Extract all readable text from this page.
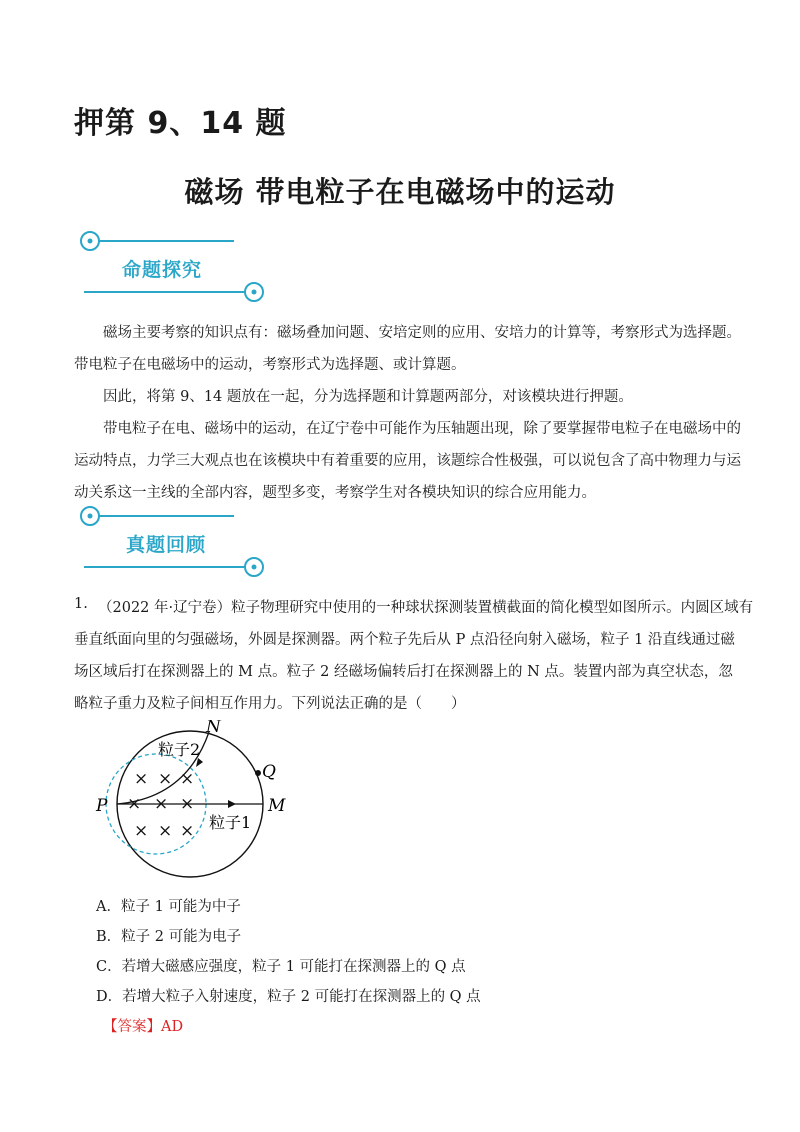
押第 9、14 题
磁场 带电粒子在电磁场中的运动
命题探究
磁场主要考察的知识点有：磁场叠加问题、安培定则的应用、安培力的计算等，考察形式为选择题。
带电粒子在电磁场中的运动，考察形式为选择题、或计算题。
因此，将第 9、14 题放在一起，分为选择题和计算题两部分，对该模块进行押题。
带电粒子在电、磁场中的运动，在辽宁卷中可能作为压轴题出现，除了要掌握带电粒子在电磁场中的
运动特点，力学三大观点也在该模块中有着重要的应用，该题综合性极强，可以说包含了高中物理力与运
动关系这一主线的全部内容，题型多变，考察学生对各模块知识的综合应用能力。
真题回顾
1. （2022 年·辽宁卷）粒子物理研究中使用的一种球状探测装置横截面的简化模型如图所示。内圆区域有
垂直纸面向里的匀强磁场，外圆是探测器。两个粒子先后从 P 点沿径向射入磁场，粒子 1 沿直线通过磁
场区域后打在探测器上的 M 点。粒子 2 经磁场偏转后打在探测器上的 N 点。装置内部为真空状态，忽
略粒子重力及粒子间相互作用力。下列说法正确的是（　　）
× × ×
× × ×
× × ×
N
Q
P	M
粒子2
粒子1
A．粒子 1 可能为中子
B．粒子 2 可能为电子
C．若增大磁感应强度，粒子 1 可能打在探测器上的 Q 点
D．若增大粒子入射速度，粒子 2 可能打在探测器上的 Q 点
【答案】AD
